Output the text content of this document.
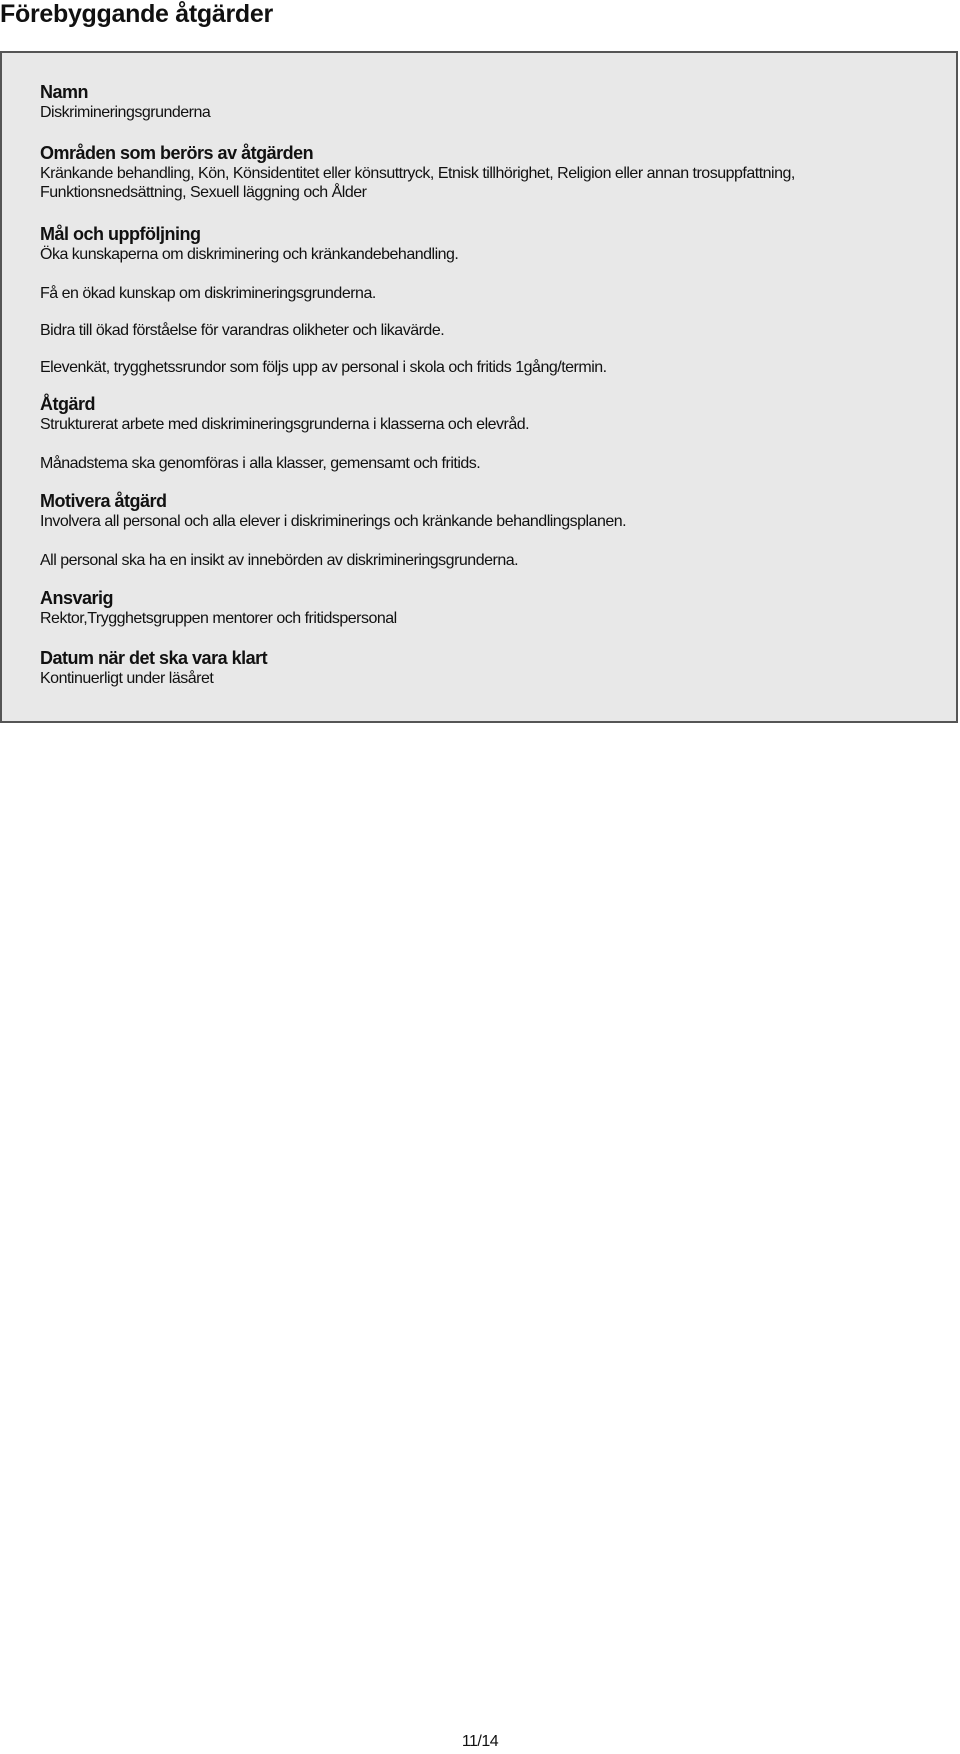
Förebyggande åtgärder

Namn

Diskrimineringsgrunderna

Områden som berörs av åtgärden

Kränkande behandling, Kön, Könsidentitet eller könsuttryck, Etnisk tillhörighet, Religion eller annan trosuppfattning,

Funktionsnedsättning, Sexuell läggning och Ålder

Mål och uppföljning

Öka kunskaperna om diskriminering och kränkandebehandling.

Få en ökad kunskap om diskrimineringsgrunderna.

Bidra till ökad förståelse för varandras olikheter och likavärde.

Elevenkät, trygghetssrundor som följs upp av personal i skola och fritids 1gång/termin.

Åtgärd

Strukturerat arbete med diskrimineringsgrunderna i klasserna och elevråd.

Månadstema ska genomföras i alla klasser, gemensamt och fritids.

Motivera åtgärd

Involvera all personal och alla elever i diskriminerings och kränkande behandlingsplanen.

All personal ska ha en insikt av innebörden av diskrimineringsgrunderna.

Ansvarig

Rektor,Trygghetsgruppen mentorer och fritidspersonal

Datum när det ska vara klart

Kontinuerligt under läsåret

11/14
